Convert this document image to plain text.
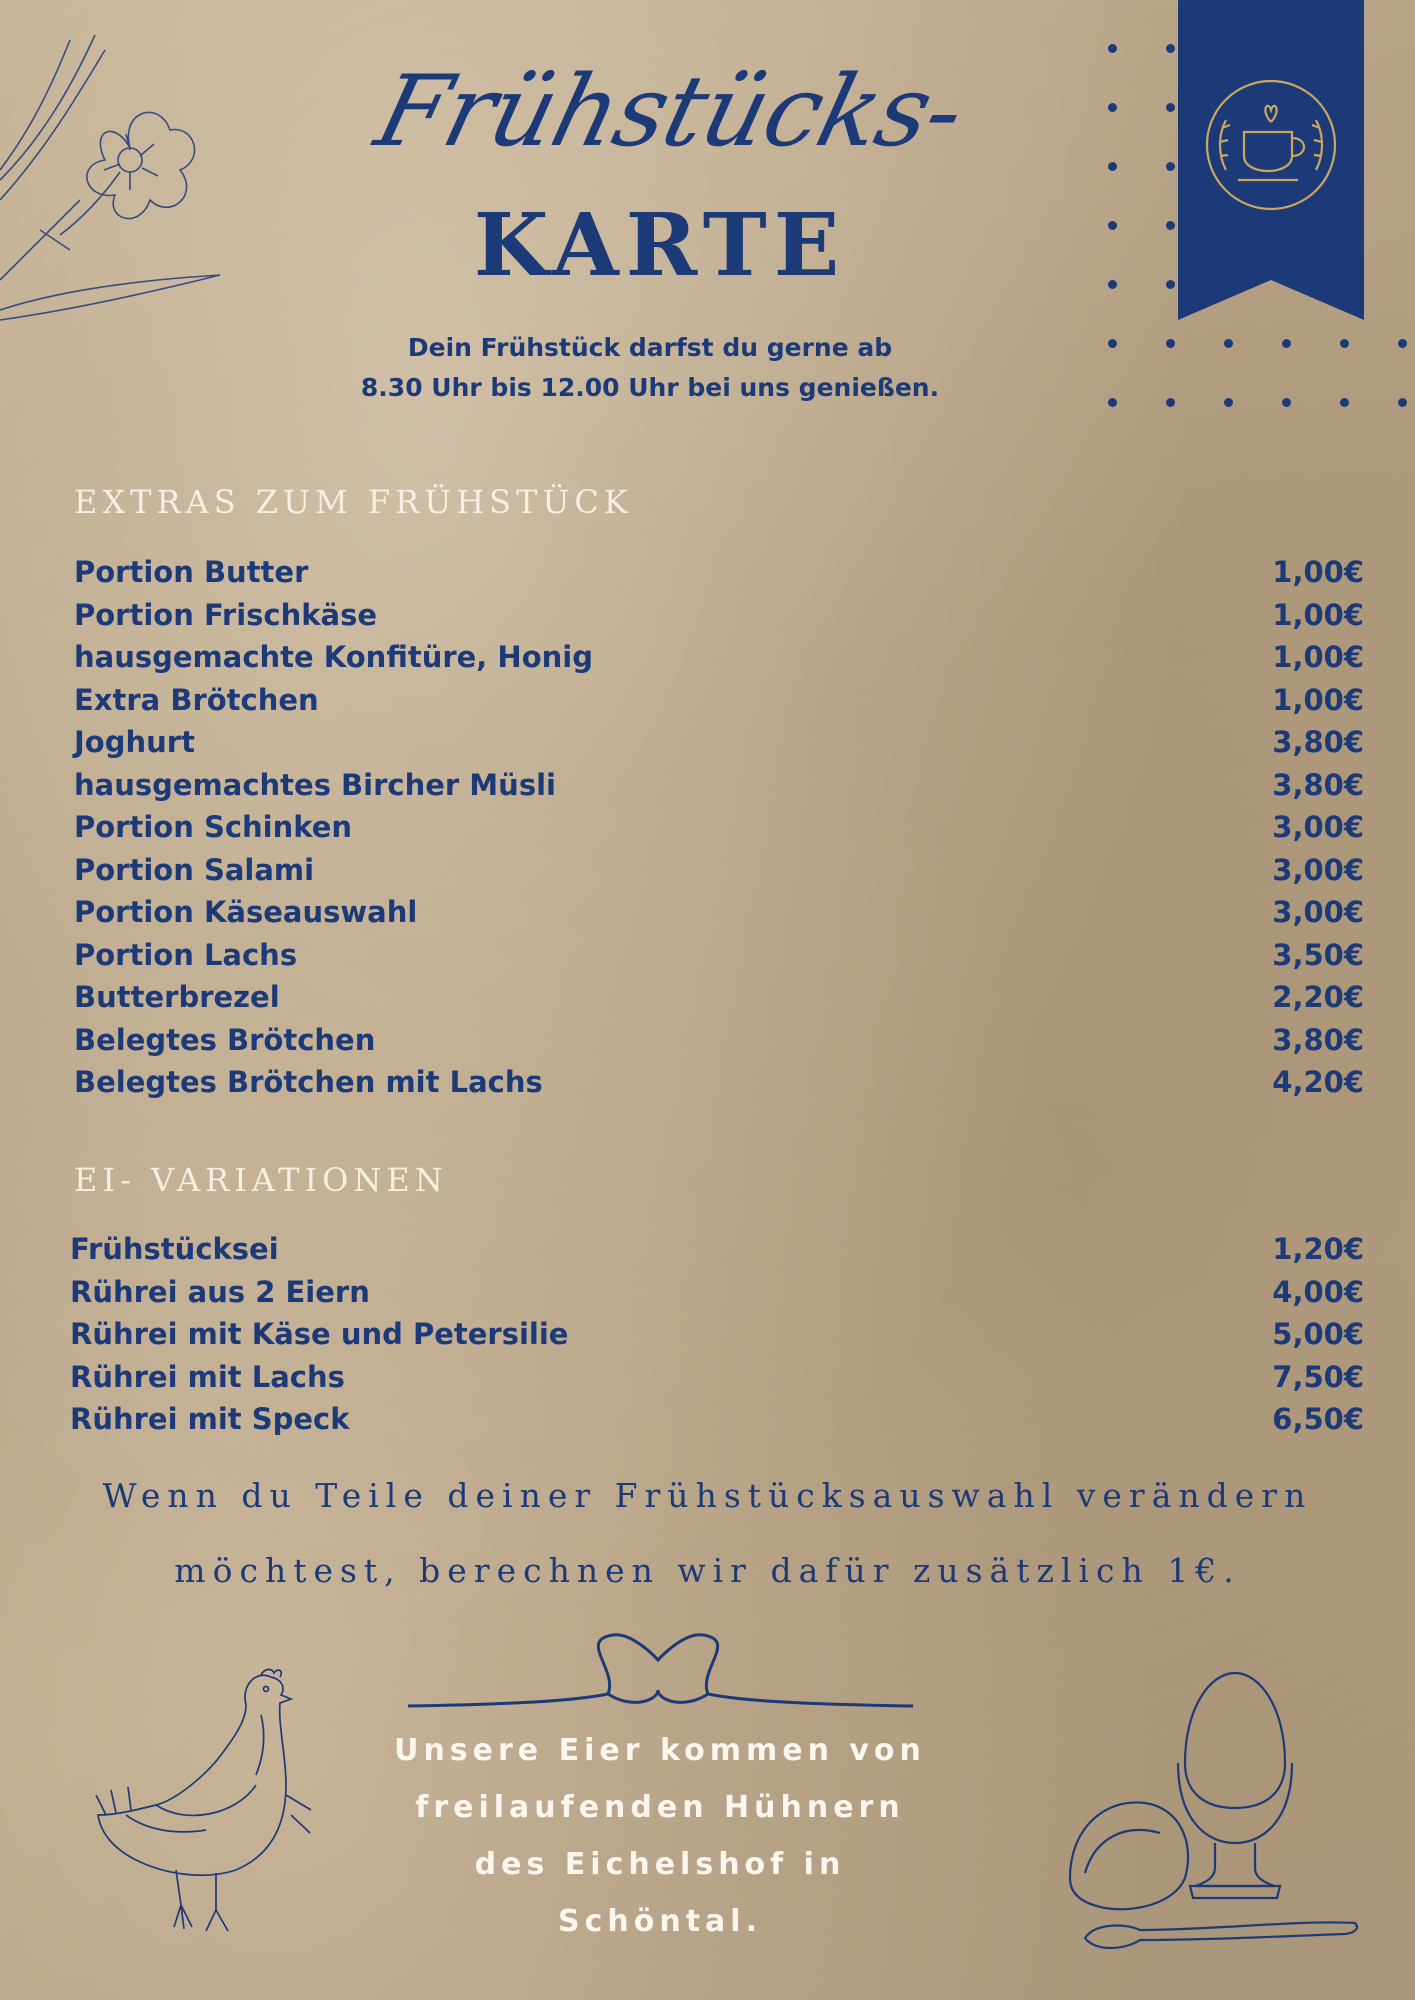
Frühstücks-
KARTE
Dein Frühstück darfst du gerne ab
8.30 Uhr bis 12.00 Uhr bei uns genießen.
EXTRAS ZUM FRÜHSTÜCK
Portion Butter	1,00€
Portion Frischkäse	1,00€
hausgemachte Konfitüre, Honig	1,00€
Extra Brötchen	1,00€
Joghurt	3,80€
hausgemachtes Bircher Müsli	3,80€
Portion Schinken	3,00€
Portion Salami	3,00€
Portion Käseauswahl	3,00€
Portion Lachs	3,50€
Butterbrezel	2,20€
Belegtes Brötchen	3,80€
Belegtes Brötchen mit Lachs	4,20€
EI- VARIATIONEN
Frühstücksei	1,20€
Rührei aus 2 Eiern	4,00€
Rührei mit Käse und Petersilie	5,00€
Rührei mit Lachs	7,50€
Rührei mit Speck	6,50€
Wenn du Teile deiner Frühstücksauswahl verändern
möchtest, berechnen wir dafür zusätzlich 1€.
Unsere Eier kommen von
freilaufenden Hühnern
des Eichelshof in
Schöntal.
